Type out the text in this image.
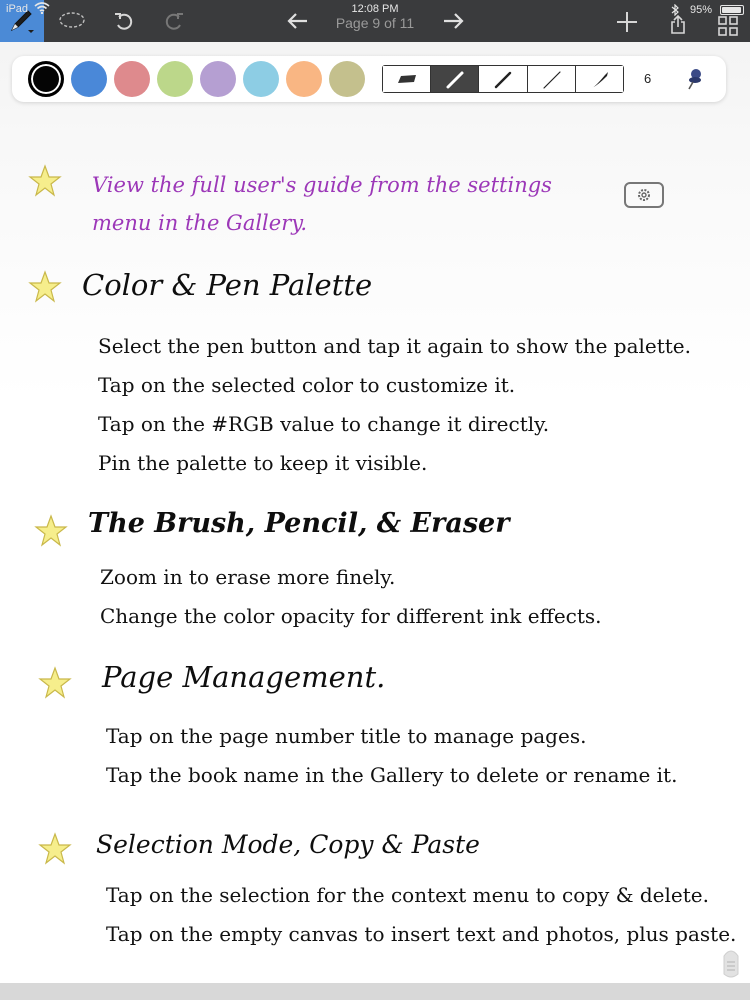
iPad	12:08 PM
Page 9 of 11
95%
6
View the full user's guide from the settings menu in the Gallery.
Color & Pen Palette
Select the pen button and tap it again to show the palette.
Tap on the selected color to customize it.
Tap on the #RGB value to change it directly.
Pin the palette to keep it visible.
The Brush, Pencil, & Eraser
Zoom in to erase more finely.
Change the color opacity for different ink effects.
Page Management.
Tap on the page number title to manage pages.
Tap the book name in the Gallery to delete or rename it.
Selection Mode, Copy & Paste
Tap on the selection for the context menu to copy & delete.
Tap on the empty canvas to insert text and photos, plus paste.
